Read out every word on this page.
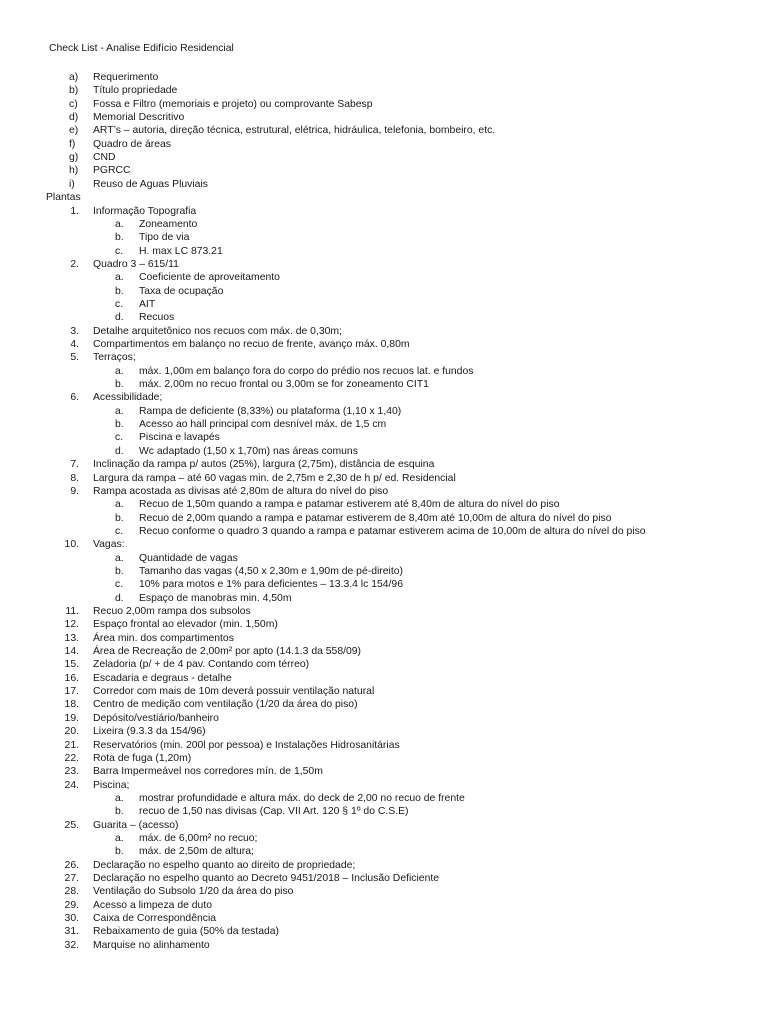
Check List - Analise Edifício Residencial
a) Requerimento
b) Título propriedade
c) Fossa e Filtro (memoriais e projeto) ou comprovante Sabesp
d) Memorial Descritivo
e) ART’s – autoria, direção técnica, estrutural, elétrica, hidráulica, telefonia, bombeiro, etc.
f) Quadro de áreas
g) CND
h) PGRCC
i) Reuso de Aguas Pluviais
Plantas
1. Informação Topografia
a. Zoneamento
b. Tipo de via
c. H. max LC 873.21
2. Quadro 3 – 615/11
a. Coeficiente de aproveitamento
b. Taxa de ocupação
c. AIT
d. Recuos
3. Detalhe arquitetônico nos recuos com máx. de 0,30m;
4. Compartimentos em balanço no recuo de frente, avanço máx. 0,80m
5. Terraços;
a. máx. 1,00m em balanço fora do corpo do prédio nos recuos lat. e fundos
b. máx. 2,00m no recuo frontal ou 3,00m se for zoneamento CIT1
6. Acessibilidade;
a. Rampa de deficiente (8,33%) ou plataforma (1,10 x 1,40)
b. Acesso ao hall principal com desnível máx. de 1,5 cm
c. Piscina e lavapés
d. Wc adaptado (1,50 x 1,70m) nas áreas comuns
7. Inclinação da rampa p/ autos (25%), largura (2,75m), distância de esquina
8. Largura da rampa – até 60 vagas min. de 2,75m e 2,30 de h p/ ed. Residencial
9. Rampa acostada as divisas até 2,80m de altura do nível do piso
a. Recuo de 1,50m quando a rampa e patamar estiverem até 8,40m de altura do nível do piso
b. Recuo de 2,00m quando a rampa e patamar estiverem de 8,40m até 10,00m de altura do nível do piso
c. Recuo conforme o quadro 3 quando a rampa e patamar estiverem acima de 10,00m de altura do nível do piso
10. Vagas:
a. Quantidade de vagas
b. Tamanho das vagas (4,50 x 2,30m e 1,90m de pé-direito)
c. 10% para motos e 1% para deficientes – 13.3.4 lc 154/96
d. Espaço de manobras min. 4,50m
11. Recuo 2,00m rampa dos subsolos
12. Espaço frontal ao elevador (min. 1,50m)
13. Área min. dos compartimentos
14. Área de Recreação de 2,00m² por apto (14.1.3 da 558/09)
15. Zeladoria (p/ + de 4 pav. Contando com térreo)
16. Escadaria e degraus - detalhe
17. Corredor com mais de 10m deverá possuir ventilação natural
18. Centro de medição com ventilação (1/20 da área do piso)
19. Depósito/vestiário/banheiro
20. Lixeira (9.3.3 da 154/96)
21. Reservatórios (min. 200l por pessoa) e Instalações Hidrosanitárias
22. Rota de fuga (1,20m)
23. Barra Impermeável nos corredores mín. de 1,50m
24. Piscina;
a. mostrar profundidade e altura máx. do deck de 2,00 no recuo de frente
b. recuo de 1,50 nas divisas (Cap. VII Art. 120 § 1º do C.S.E)
25. Guarita – (acesso)
a. máx. de 6,00m² no recuo;
b. máx. de 2,50m de altura;
26. Declaração no espelho quanto ao direito de propriedade;
27. Declaração no espelho quanto ao Decreto 9451/2018 – Inclusão Deficiente
28. Ventilação do Subsolo 1/20 da área do piso
29. Acesso a limpeza de duto
30. Caixa de Correspondência
31. Rebaixamento de guia (50% da testada)
32. Marquise no alinhamento
